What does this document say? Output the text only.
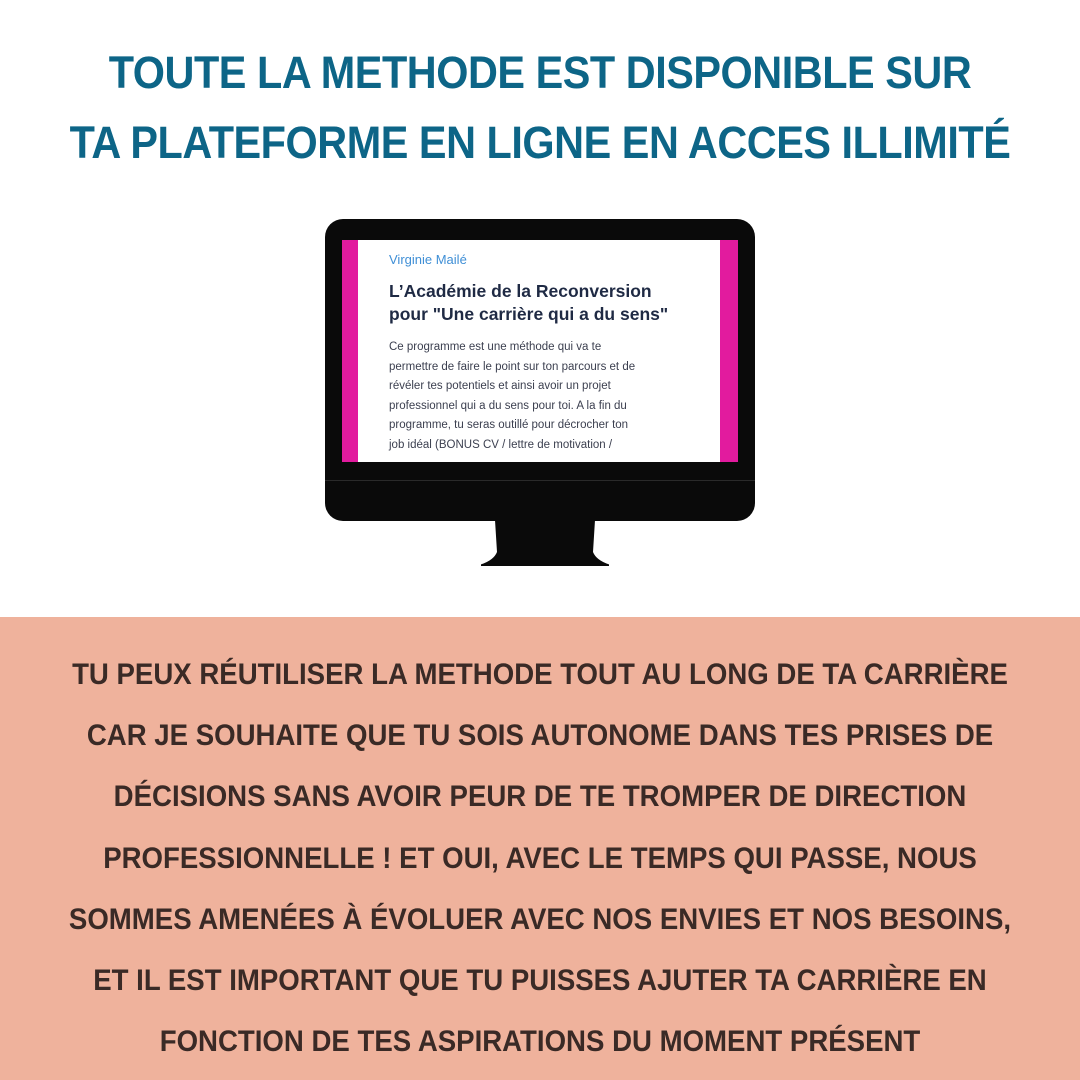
TOUTE LA METHODE EST DISPONIBLE SUR
TA PLATEFORME EN LIGNE EN ACCES ILLIMITÉ
Virginie Mailé
L’Académie de la Reconversion
pour "Une carrière qui a du sens"
Ce programme est une méthode qui va te
permettre de faire le point sur ton parcours et de
révéler tes potentiels et ainsi avoir un projet
professionnel qui a du sens pour toi. A la fin du
programme, tu seras outillé pour décrocher ton
job idéal (BONUS CV / lettre de motivation /
TU PEUX RÉUTILISER LA METHODE TOUT AU LONG DE TA CARRIÈRE
CAR JE SOUHAITE QUE TU SOIS AUTONOME DANS TES PRISES DE
DÉCISIONS SANS AVOIR PEUR DE TE TROMPER DE DIRECTION
PROFESSIONNELLE ! ET OUI, AVEC LE TEMPS QUI PASSE, NOUS
SOMMES AMENÉES À ÉVOLUER AVEC NOS ENVIES ET NOS BESOINS,
ET IL EST IMPORTANT QUE TU PUISSES AJUTER TA CARRIÈRE EN
FONCTION DE TES ASPIRATIONS DU MOMENT PRÉSENT
